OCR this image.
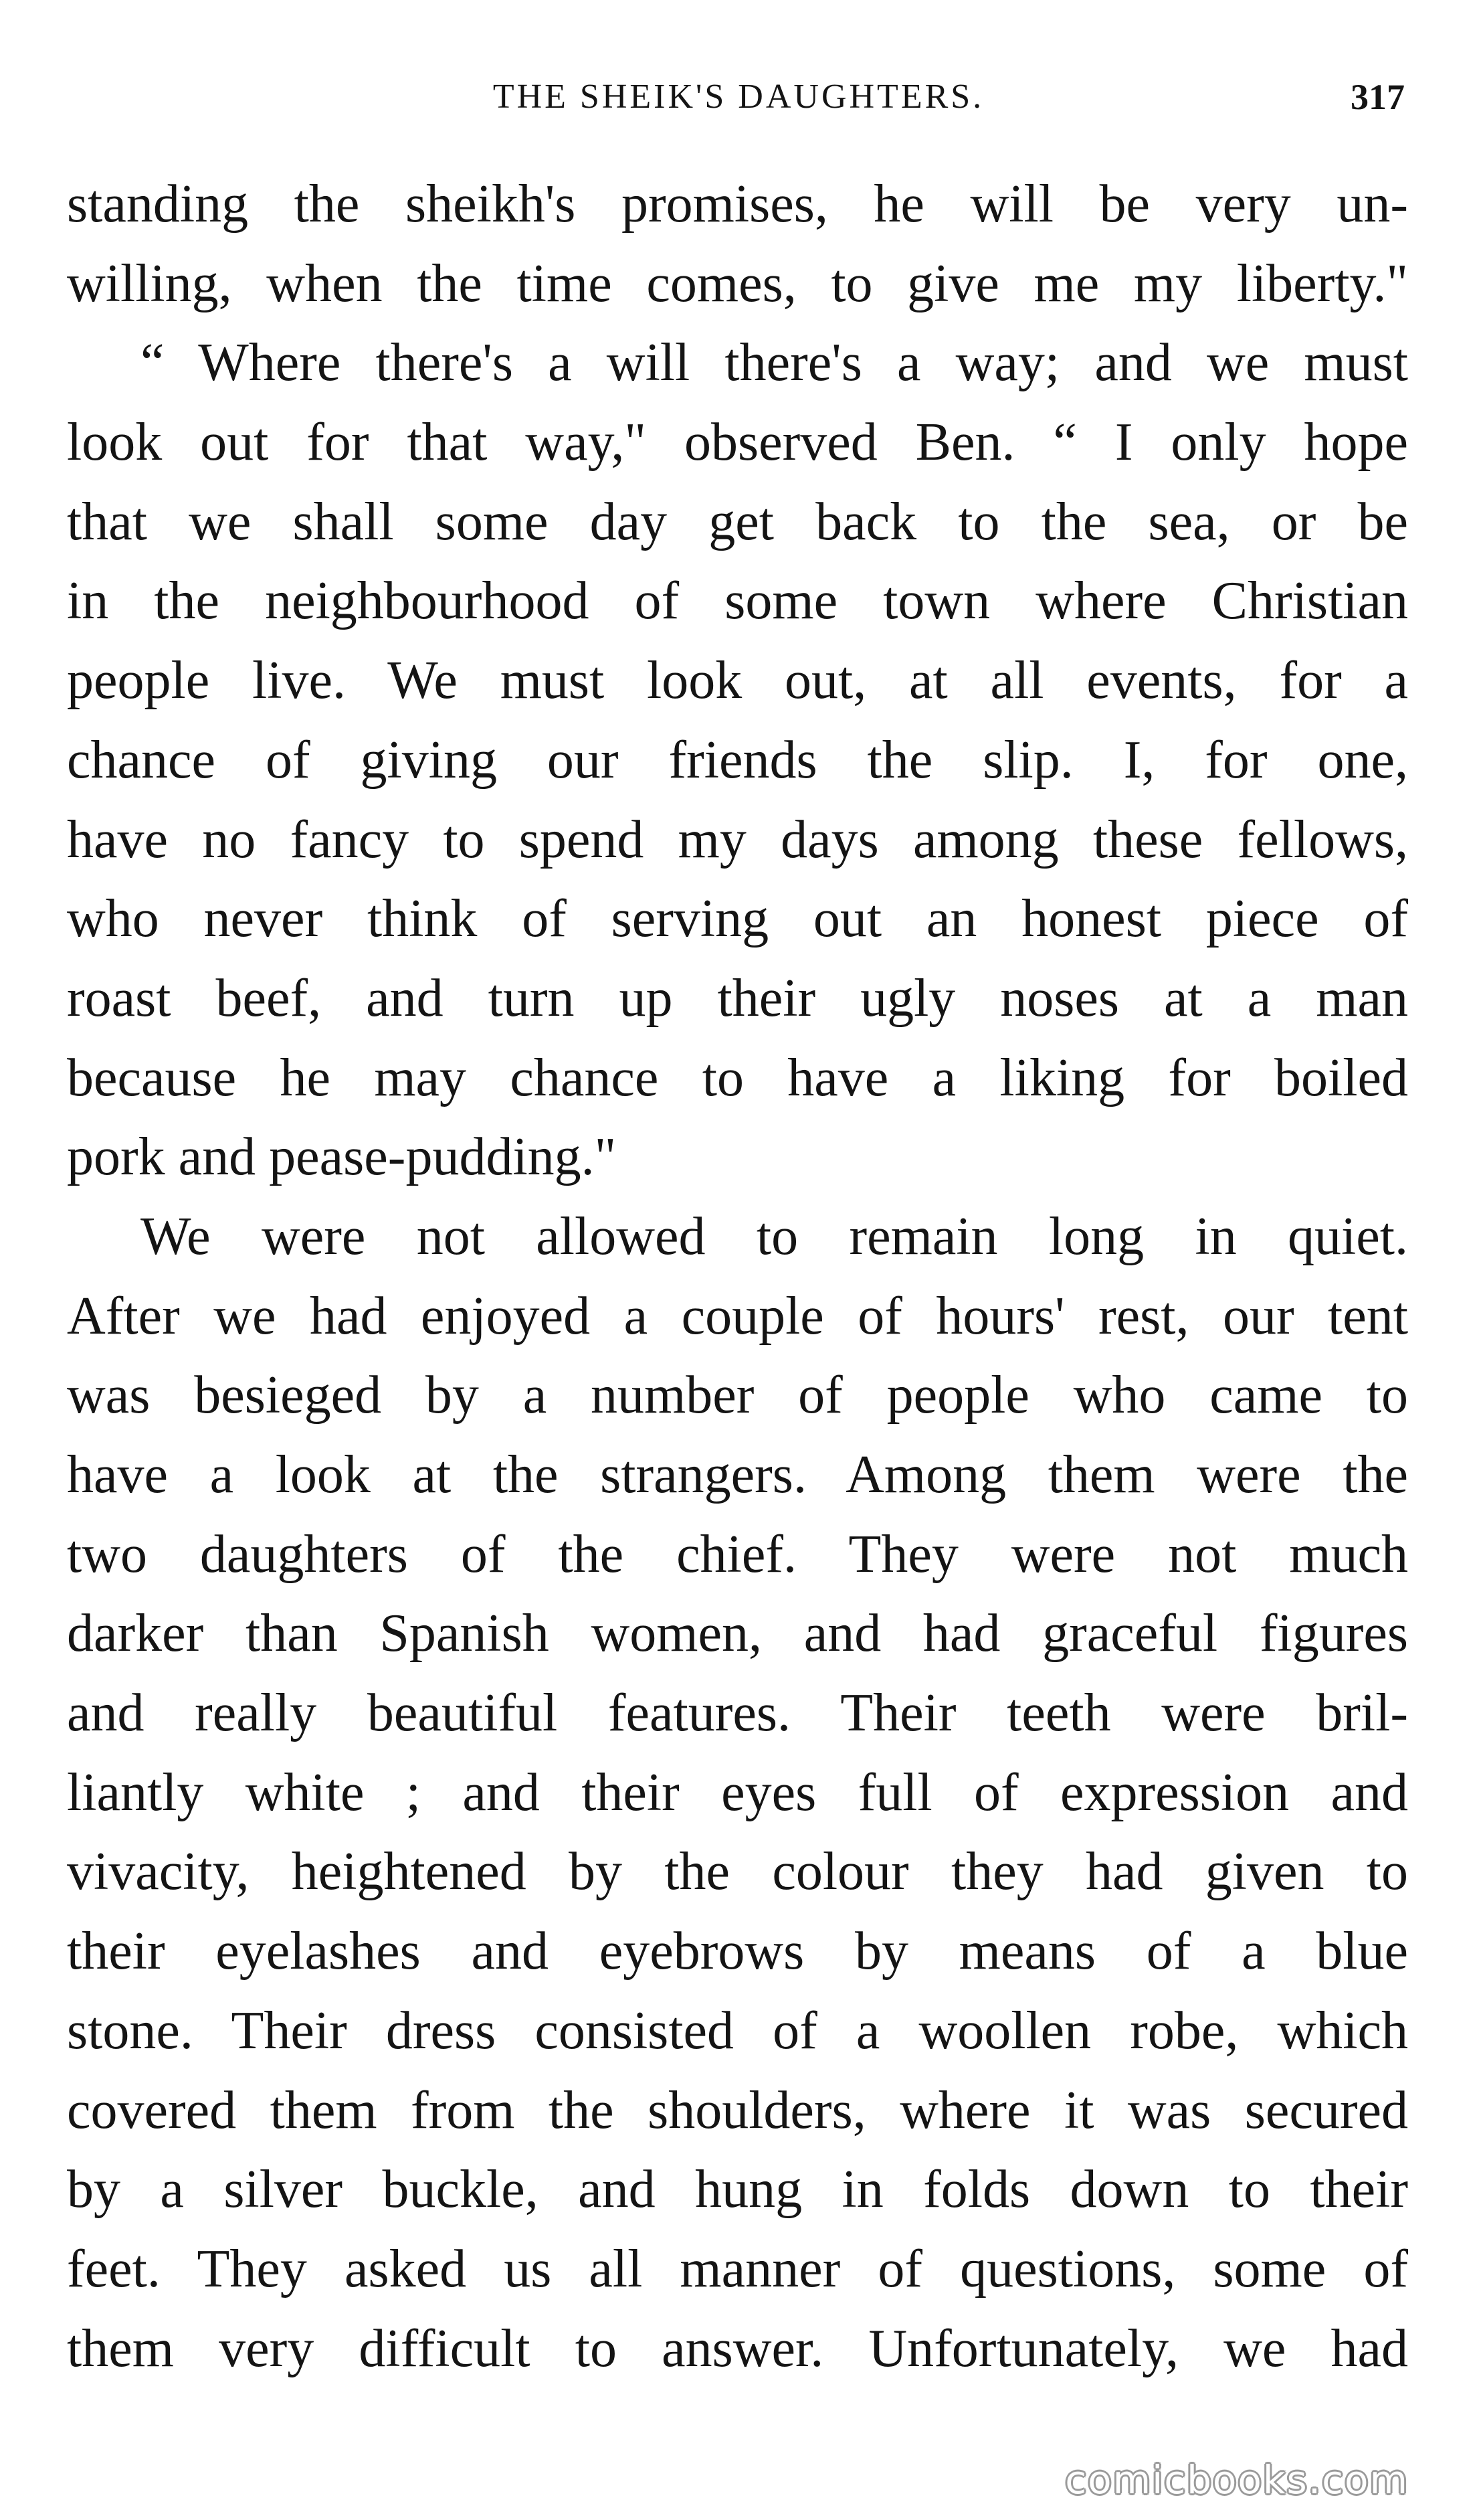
THE SHEIK'S DAUGHTERS.	317
standing the sheikh's promises, he will be very un-
willing, when the time comes, to give me my liberty."
“ Where there's a will there's a way; and we must
look out for that way," observed Ben. “ I only hope
that we shall some day get back to the sea, or be
in the neighbourhood of some town where Christian
people live. We must look out, at all events, for a
chance of giving our friends the slip. I, for one,
have no fancy to spend my days among these fellows,
who never think of serving out an honest piece of
roast beef, and turn up their ugly noses at a man
because he may chance to have a liking for boiled
pork and pease-pudding."
We were not allowed to remain long in quiet.
After we had enjoyed a couple of hours' rest, our tent
was besieged by a number of people who came to
have a look at the strangers. Among them were the
two daughters of the chief. They were not much
darker than Spanish women, and had graceful figures
and really beautiful features. Their teeth were bril-
liantly white ; and their eyes full of expression and
vivacity, heightened by the colour they had given to
their eyelashes and eyebrows by means of a blue
stone. Their dress consisted of a woollen robe, which
covered them from the shoulders, where it was secured
by a silver buckle, and hung in folds down to their
feet. They asked us all manner of questions, some of
them very difficult to answer. Unfortunately, we had
comicbooks.com
